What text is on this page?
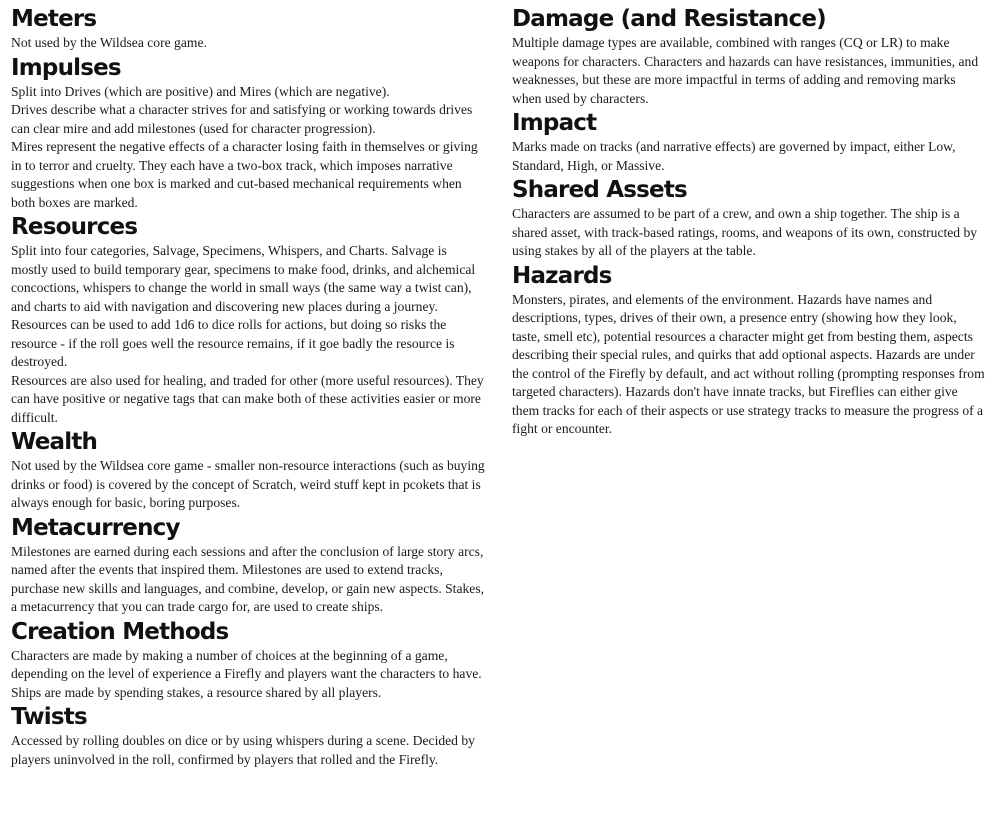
Meters

Not used by the Wildsea core game.

Impulses

Split into Drives (which are positive) and Mires (which are negative).

Drives describe what a character strives for and satisfying or working towards drives can clear mire and add milestones (used for character progression).

Mires represent the negative effects of a character losing faith in themselves or giving in to terror and cruelty. They each have a two-box track, which imposes narrative suggestions when one box is marked and cut-based mechanical requirements when both boxes are marked.

Resources

Split into four categories, Salvage, Specimens, Whispers, and Charts. Salvage is mostly used to build temporary gear, specimens to make food, drinks, and alchemical concoctions, whispers to change the world in small ways (the same way a twist can), and charts to aid with navigation and discovering new places during a journey.

Resources can be used to add 1d6 to dice rolls for actions, but doing so risks the resource - if the roll goes well the resource remains, if it goe badly the resource is destroyed.

Resources are also used for healing, and traded for other (more useful resources). They can have positive or negative tags that can make both of these activities easier or more difficult.

Wealth

Not used by the Wildsea core game - smaller non-resource interactions (such as buying drinks or food) is covered by the concept of Scratch, weird stuff kept in pcokets that is always enough for basic, boring purposes.

Metacurrency

Milestones are earned during each sessions and after the conclusion of large story arcs, named after the events that inspired them. Milestones are used to extend tracks, purchase new skills and languages, and combine, develop, or gain new aspects. Stakes, a metacurrency that you can trade cargo for, are used to create ships.

Creation Methods

Characters are made by making a number of choices at the beginning of a game, depending on the level of experience a Firefly and players want the characters to have. Ships are made by spending stakes, a resource shared by all players.

Twists

Accessed by rolling doubles on dice or by using whispers during a scene. Decided by players uninvolved in the roll, confirmed by players that rolled and the Firefly.

Damage (and Resistance)

Multiple damage types are available, combined with ranges (CQ or LR) to make weapons for characters. Characters and hazards can have resistances, immunities, and weaknesses, but these are more impactful in terms of adding and removing marks when used by characters.

Impact

Marks made on tracks (and narrative effects) are governed by impact, either Low, Standard, High, or Massive.

Shared Assets

Characters are assumed to be part of a crew, and own a ship together. The ship is a shared asset, with track-based ratings, rooms, and weapons of its own, constructed by using stakes by all of the players at the table.

Hazards

Monsters, pirates, and elements of the environment. Hazards have names and descriptions, types, drives of their own, a presence entry (showing how they look, taste, smell etc), potential resources a character might get from besting them, aspects describing their special rules, and quirks that add optional aspects. Hazards are under the control of the Firefly by default, and act without rolling (prompting responses from targeted characters). Hazards don't have innate tracks, but Fireflies can either give them tracks for each of their aspects or use strategy tracks to measure the progress of a fight or encounter.
